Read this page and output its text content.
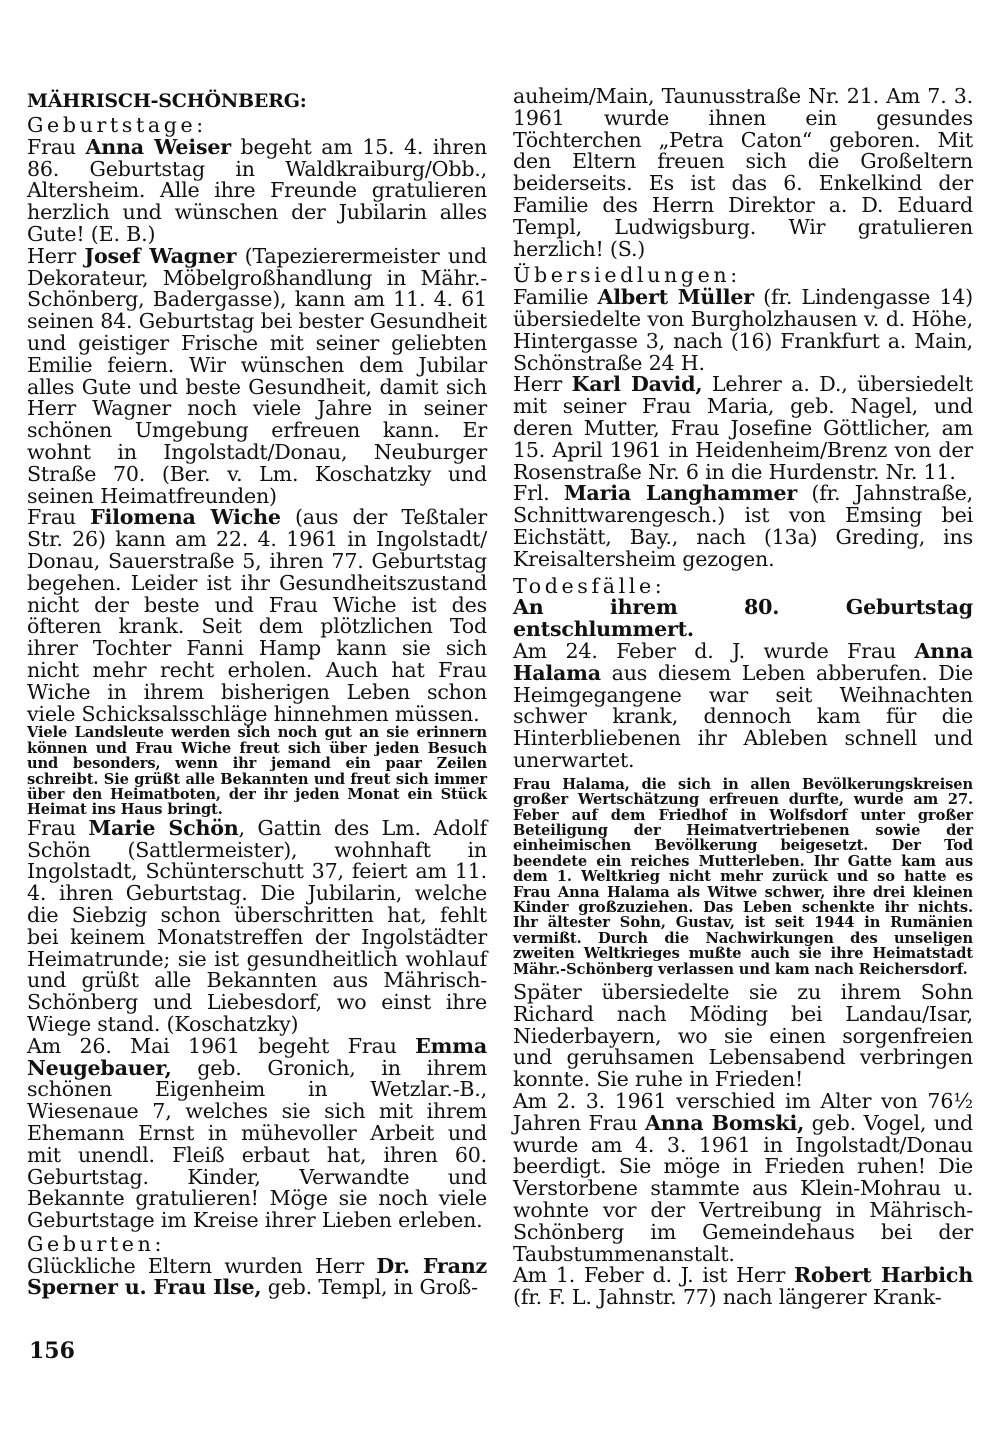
MÄHRISCH-SCHÖNBERG:

Geburtstage:

Frau Anna Weiser begeht am 15. 4. ihren 86. Geburtstag in Waldkraiburg/Obb., Altersheim. Alle ihre Freunde gratulieren herzlich und wünschen der Jubilarin alles Gute! (E. B.)

Herr Josef Wagner (Tapezierermeister und Dekorateur, Möbelgroßhandlung in Mähr.-Schönberg, Badergasse), kann am 11. 4. 61 seinen 84. Geburtstag bei bester Gesundheit und geistiger Frische mit seiner geliebten Emilie feiern. Wir wünschen dem Jubilar alles Gute und beste Gesundheit, damit sich Herr Wagner noch viele Jahre in seiner schönen Umgebung erfreuen kann. Er wohnt in Ingolstadt/Donau, Neuburger Straße 70. (Ber. v. Lm. Koschatzky und seinen Heimatfreunden)

Frau Filomena Wiche (aus der Teßtaler Str. 26) kann am 22. 4. 1961 in Ingolstadt/ Donau, Sauerstraße 5, ihren 77. Geburtstag begehen. Leider ist ihr Gesundheitszustand nicht der beste und Frau Wiche ist des öfteren krank. Seit dem plötzlichen Tod ihrer Tochter Fanni Hamp kann sie sich nicht mehr recht erholen. Auch hat Frau Wiche in ihrem bisherigen Leben schon viele Schicksalsschläge hinnehmen müssen.

Viele Landsleute werden sich noch gut an sie erinnern können und Frau Wiche freut sich über jeden Besuch und besonders, wenn ihr jemand ein paar Zeilen schreibt. Sie grüßt alle Bekannten und freut sich immer über den Heimatboten, der ihr jeden Monat ein Stück Heimat ins Haus bringt.

Frau Marie Schön, Gattin des Lm. Adolf Schön (Sattlermeister), wohnhaft in Ingolstadt, Schünterschutt 37, feiert am 11. 4. ihren Geburtstag. Die Jubilarin, welche die Siebzig schon überschritten hat, fehlt bei keinem Monatstreffen der Ingolstädter Heimatrunde; sie ist gesundheitlich wohlauf und grüßt alle Bekannten aus Mährisch-Schönberg und Liebesdorf, wo einst ihre Wiege stand. (Koschatzky)

Am 26. Mai 1961 begeht Frau Emma Neugebauer, geb. Gronich, in ihrem schönen Eigenheim in Wetzlar.-B., Wiesenaue 7, welches sie sich mit ihrem Ehemann Ernst in mühevoller Arbeit und mit unendl. Fleiß erbaut hat, ihren 60. Geburtstag. Kinder, Verwandte und Bekannte gratulieren! Möge sie noch viele Geburtstage im Kreise ihrer Lieben erleben.

Geburten:

Glückliche Eltern wurden Herr Dr. Franz Sperner u. Frau Ilse, geb. Templ, in Groß-

auheim/Main, Taunusstraße Nr. 21. Am 7. 3. 1961 wurde ihnen ein gesundes Töchterchen „Petra Caton“ geboren. Mit den Eltern freuen sich die Großeltern beiderseits. Es ist das 6. Enkelkind der Familie des Herrn Direktor a. D. Eduard Templ, Ludwigsburg. Wir gratulieren herzlich! (S.)

Übersiedlungen:

Familie Albert Müller (fr. Lindengasse 14) übersiedelte von Burgholzhausen v. d. Höhe, Hintergasse 3, nach (16) Frankfurt a. Main, Schönstraße 24 H.

Herr Karl David, Lehrer a. D., übersiedelt mit seiner Frau Maria, geb. Nagel, und deren Mutter, Frau Josefine Göttlicher, am 15. April 1961 in Heidenheim/Brenz von der Rosenstraße Nr. 6 in die Hurdenstr. Nr. 11.

Frl. Maria Langhammer (fr. Jahnstraße, Schnittwarengesch.) ist von Emsing bei Eichstätt, Bay., nach (13a) Greding, ins Kreisaltersheim gezogen.

Todesfälle:

An ihrem 80. Geburtstag entschlummert.

Am 24. Feber d. J. wurde Frau Anna Halama aus diesem Leben abberufen. Die Heimgegangene war seit Weihnachten schwer krank, dennoch kam für die Hinterbliebenen ihr Ableben schnell und unerwartet.

Frau Halama, die sich in allen Bevölkerungskreisen großer Wertschätzung erfreuen durfte, wurde am 27. Feber auf dem Friedhof in Wolfsdorf unter großer Beteiligung der Heimatvertriebenen sowie der einheimischen Bevölkerung beigesetzt. Der Tod beendete ein reiches Mutterleben. Ihr Gatte kam aus dem 1. Weltkrieg nicht mehr zurück und so hatte es Frau Anna Halama als Witwe schwer, ihre drei kleinen Kinder großzuziehen. Das Leben schenkte ihr nichts. Ihr ältester Sohn, Gustav, ist seit 1944 in Rumänien vermißt. Durch die Nachwirkungen des unseligen zweiten Weltkrieges mußte auch sie ihre Heimatstadt Mähr.-Schönberg verlassen und kam nach Reichersdorf.

Später übersiedelte sie zu ihrem Sohn Richard nach Möding bei Landau/Isar, Niederbayern, wo sie einen sorgenfreien und geruhsamen Lebensabend verbringen konnte. Sie ruhe in Frieden!

Am 2. 3. 1961 verschied im Alter von 76½ Jahren Frau Anna Bomski, geb. Vogel, und wurde am 4. 3. 1961 in Ingolstadt/Donau beerdigt. Sie möge in Frieden ruhen! Die Verstorbene stammte aus Klein-Mohrau u. wohnte vor der Vertreibung in Mährisch-Schönberg im Gemeindehaus bei der Taubstummenanstalt.

Am 1. Feber d. J. ist Herr Robert Harbich (fr. F. L. Jahnstr. 77) nach längerer Krank-

156
